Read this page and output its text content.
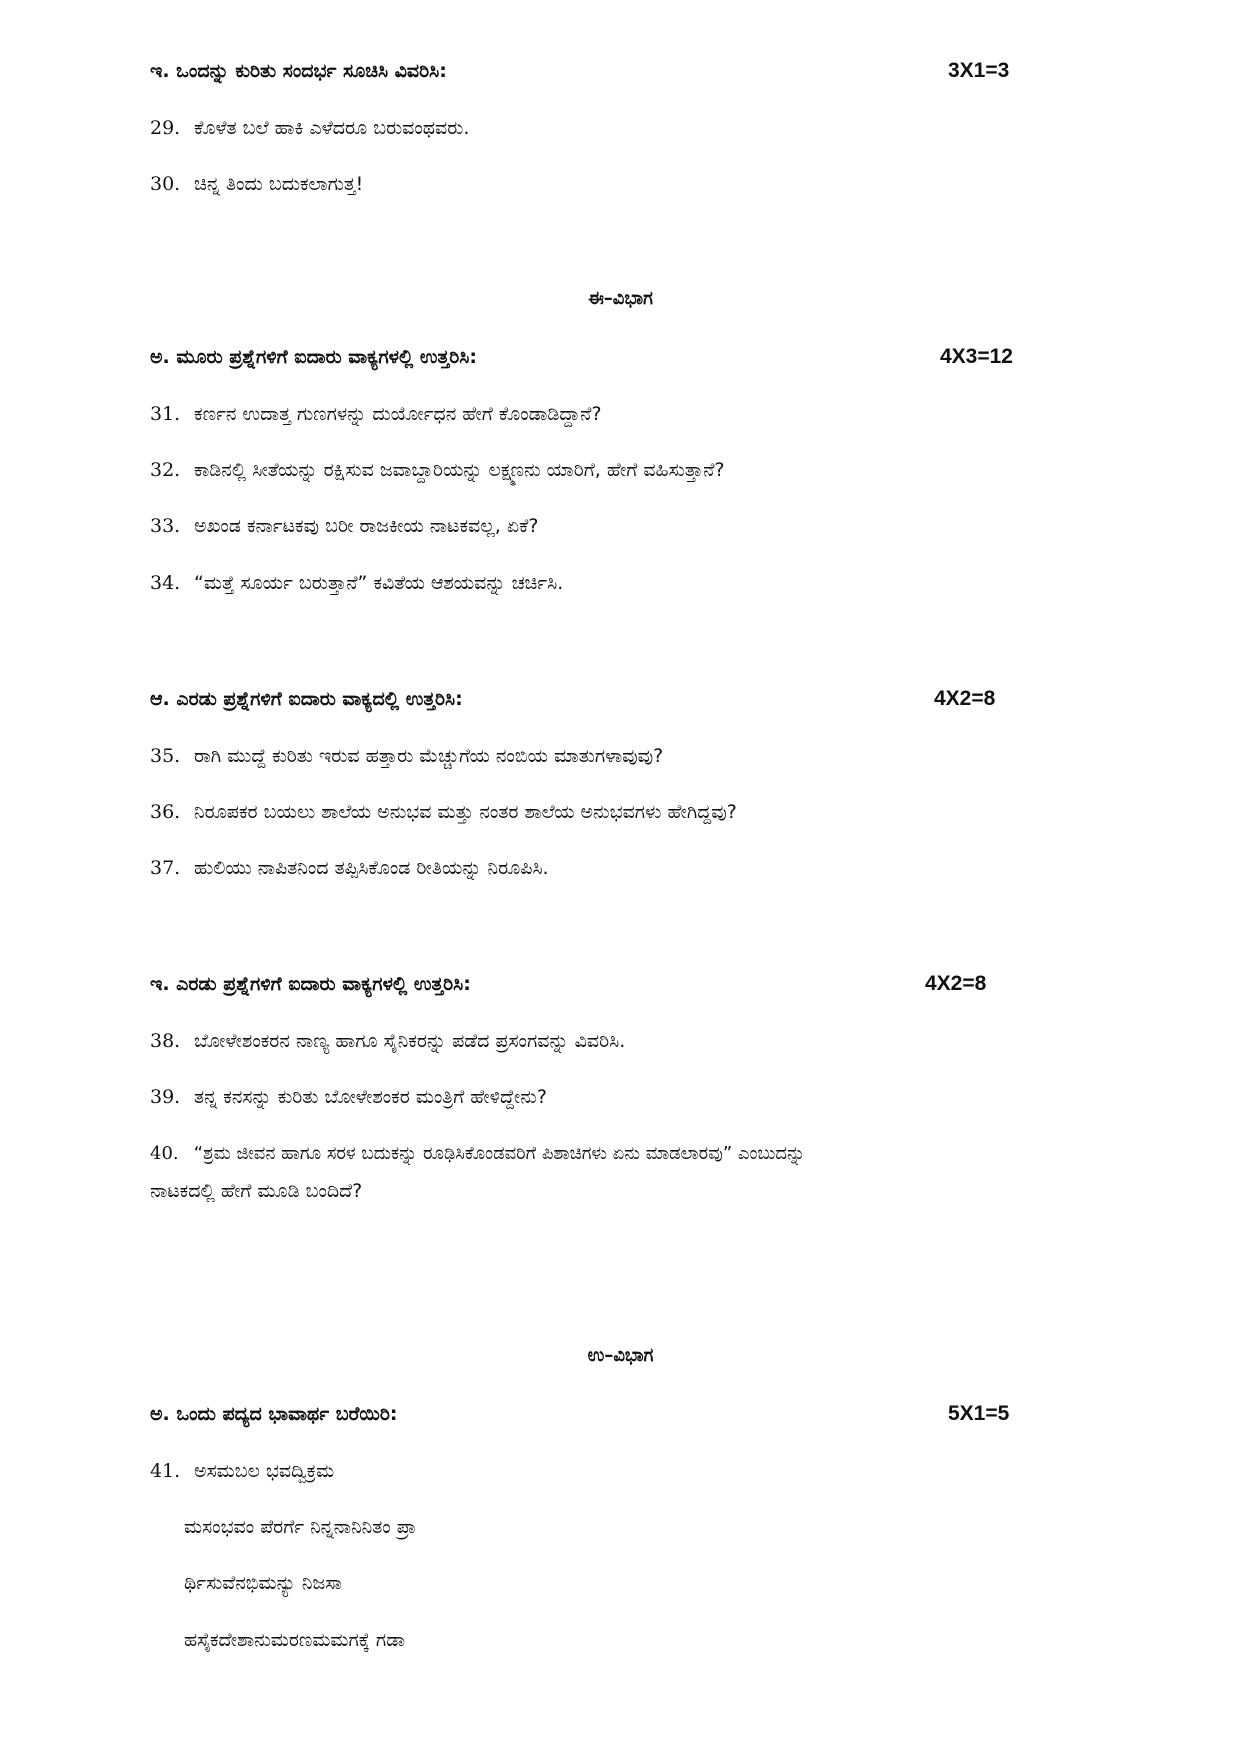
ಇ. ಒಂದನ್ನು ಕುರಿತು ಸಂದರ್ಭ ಸೂಚಿಸಿ ವಿವರಿಸಿ:	3X1=3
29. ಕೊಳೆತ ಬಲೆ ಹಾಕಿ ಎಳೆದರೂ ಬರುವಂಥವರು.
30. ಚಿನ್ನ ತಿಂದು ಬದುಕಲಾಗುತ್ತ!
ಈ–ವಿಭಾಗ
ಅ. ಮೂರು ಪ್ರಶ್ನೆಗಳಿಗೆ ಐದಾರು ವಾಕ್ಯಗಳಲ್ಲಿ ಉತ್ತರಿಸಿ:	4X3=12
31. ಕರ್ಣನ ಉದಾತ್ತ ಗುಣಗಳನ್ನು ದುರ್ಯೋಧನ ಹೇಗೆ ಕೊಂಡಾಡಿದ್ದಾನೆ?
32. ಕಾಡಿನಲ್ಲಿ ಸೀತೆಯನ್ನು ರಕ್ಷಿಸುವ ಜವಾಬ್ದಾರಿಯನ್ನು ಲಕ್ಷ್ಮಣನು ಯಾರಿಗೆ, ಹೇಗೆ ವಹಿಸುತ್ತಾನೆ?
33. ಅಖಂಡ ಕರ್ನಾಟಕವು ಬರೀ ರಾಜಕೀಯ ನಾಟಕವಲ್ಲ, ಏಕೆ?
34. “ಮತ್ತೆ ಸೂರ್ಯ ಬರುತ್ತಾನೆ” ಕವಿತೆಯ ಆಶಯವನ್ನು ಚರ್ಚಿಸಿ.
ಆ. ಎರಡು ಪ್ರಶ್ನೆಗಳಿಗೆ ಐದಾರು ವಾಕ್ಯದಲ್ಲಿ ಉತ್ತರಿಸಿ:	4X2=8
35. ರಾಗಿ ಮುದ್ದೆ ಕುರಿತು ಇರುವ ಹತ್ತಾರು ಮೆಚ್ಚುಗೆಯ ನಂಬಿಯ ಮಾತುಗಳಾವುವು?
36. ನಿರೂಪಕರ ಬಯಲು ಶಾಲೆಯ ಅನುಭವ ಮತ್ತು ನಂತರ ಶಾಲೆಯ ಅನುಭವಗಳು ಹೇಗಿದ್ದವು?
37. ಹುಲಿಯು ನಾಪಿತನಿಂದ ತಪ್ಪಿಸಿಕೊಂಡ ರೀತಿಯನ್ನು ನಿರೂಪಿಸಿ.
ಇ. ಎರಡು ಪ್ರಶ್ನೆಗಳಿಗೆ ಐದಾರು ವಾಕ್ಯಗಳಲ್ಲಿ ಉತ್ತರಿಸಿ:	4X2=8
38. ಬೋಳೇಶಂಕರನ ನಾಣ್ಯ ಹಾಗೂ ಸೈನಿಕರನ್ನು ಪಡೆದ ಪ್ರಸಂಗವನ್ನು ವಿವರಿಸಿ.
39. ತನ್ನ ಕನಸನ್ನು ಕುರಿತು ಬೋಳೇಶಂಕರ ಮಂತ್ರಿಗೆ ಹೇಳಿದ್ದೇನು?
40. “ಶ್ರಮ ಜೀವನ ಹಾಗೂ ಸರಳ ಬದುಕನ್ನು ರೂಢಿಸಿಕೊಂಡವರಿಗೆ ಪಿಶಾಚಿಗಳು ಏನು ಮಾಡಲಾರವು” ಎಂಬುದನ್ನು
ನಾಟಕದಲ್ಲಿ ಹೇಗೆ ಮೂಡಿ ಬಂದಿದೆ?
ಉ–ವಿಭಾಗ
ಅ. ಒಂದು ಪದ್ಯದ ಭಾವಾರ್ಥ ಬರೆಯಿರಿ:	5X1=5
41. ಅಸಮಬಲ ಭವದ್ವಿಕ್ರಮ
ಮಸಂಭವಂ ಪೆರರ್ಗೆ ನಿನ್ನನಾನಿನಿತಂ ಪ್ರಾ
ರ್ಥಿಸುವೆನಭಿಮನ್ಯು ನಿಜಸಾ
ಹಸೈಕದೇಶಾನುಮರಣಮಮಗಕ್ಕೆ ಗಡಾ
